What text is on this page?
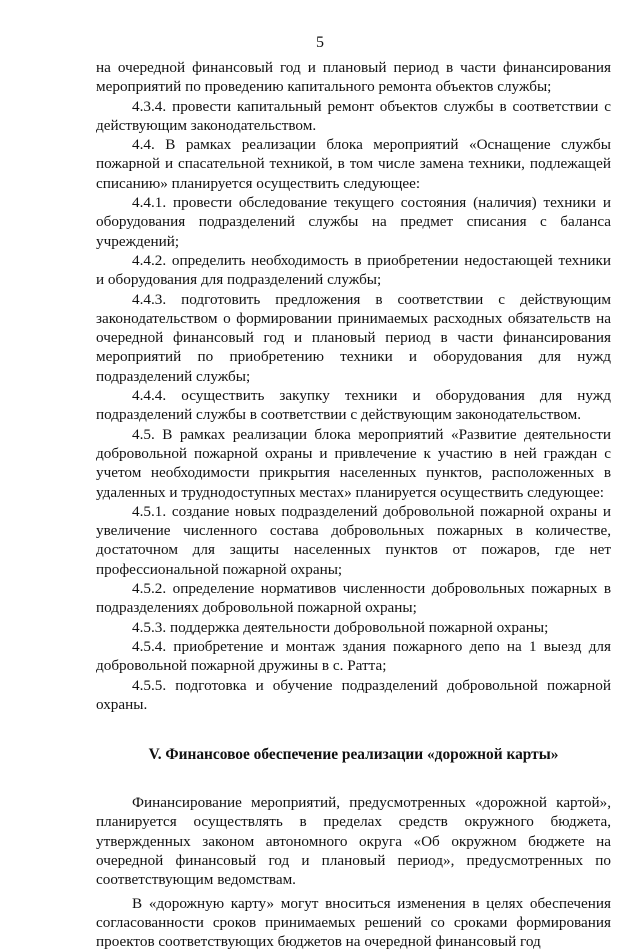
5

на очередной финансовый год и плановый период в части финансирования мероприятий по проведению капитального ремонта объектов службы;

4.3.4. провести капитальный ремонт объектов службы в соответствии с действующим законодательством.

4.4. В рамках реализации блока мероприятий «Оснащение службы пожарной и спасательной техникой, в том числе замена техники, подлежащей списанию» планируется осуществить следующее:

4.4.1. провести обследование текущего состояния (наличия) техники и оборудования подразделений службы на предмет списания с баланса учреждений;

4.4.2. определить необходимость в приобретении недостающей техники и оборудования для подразделений службы;

4.4.3. подготовить предложения в соответствии с действующим законодательством о формировании принимаемых расходных обязательств на очередной финансовый год и плановый период в части финансирования мероприятий по приобретению техники и оборудования для нужд подразделений службы;

4.4.4. осуществить закупку техники и оборудования для нужд подразделений службы в соответствии с действующим законодательством.

4.5. В рамках реализации блока мероприятий «Развитие деятельности добровольной пожарной охраны и привлечение к участию в ней граждан с учетом необходимости прикрытия населенных пунктов, расположенных в удаленных и труднодоступных местах» планируется осуществить следующее:

4.5.1. создание новых подразделений добровольной пожарной охраны и увеличение численного состава добровольных пожарных в количестве, достаточном для защиты населенных пунктов от пожаров, где нет профессиональной пожарной охраны;

4.5.2. определение нормативов численности добровольных пожарных в подразделениях добровольной пожарной охраны;

4.5.3. поддержка деятельности добровольной пожарной охраны;

4.5.4. приобретение и монтаж здания пожарного депо на 1 выезд для добровольной пожарной дружины в с. Ратта;

4.5.5. подготовка и обучение подразделений добровольной пожарной охраны.

V. Финансовое обеспечение реализации «дорожной карты»

Финансирование мероприятий, предусмотренных «дорожной картой», планируется осуществлять в пределах средств окружного бюджета, утвержденных законом автономного округа «Об окружном бюджете на очередной финансовый год и плановый период», предусмотренных по соответствующим ведомствам.

В «дорожную карту» могут вноситься изменения в целях обеспечения согласованности сроков принимаемых решений со сроками формирования проектов соответствующих бюджетов на очередной финансовый год
